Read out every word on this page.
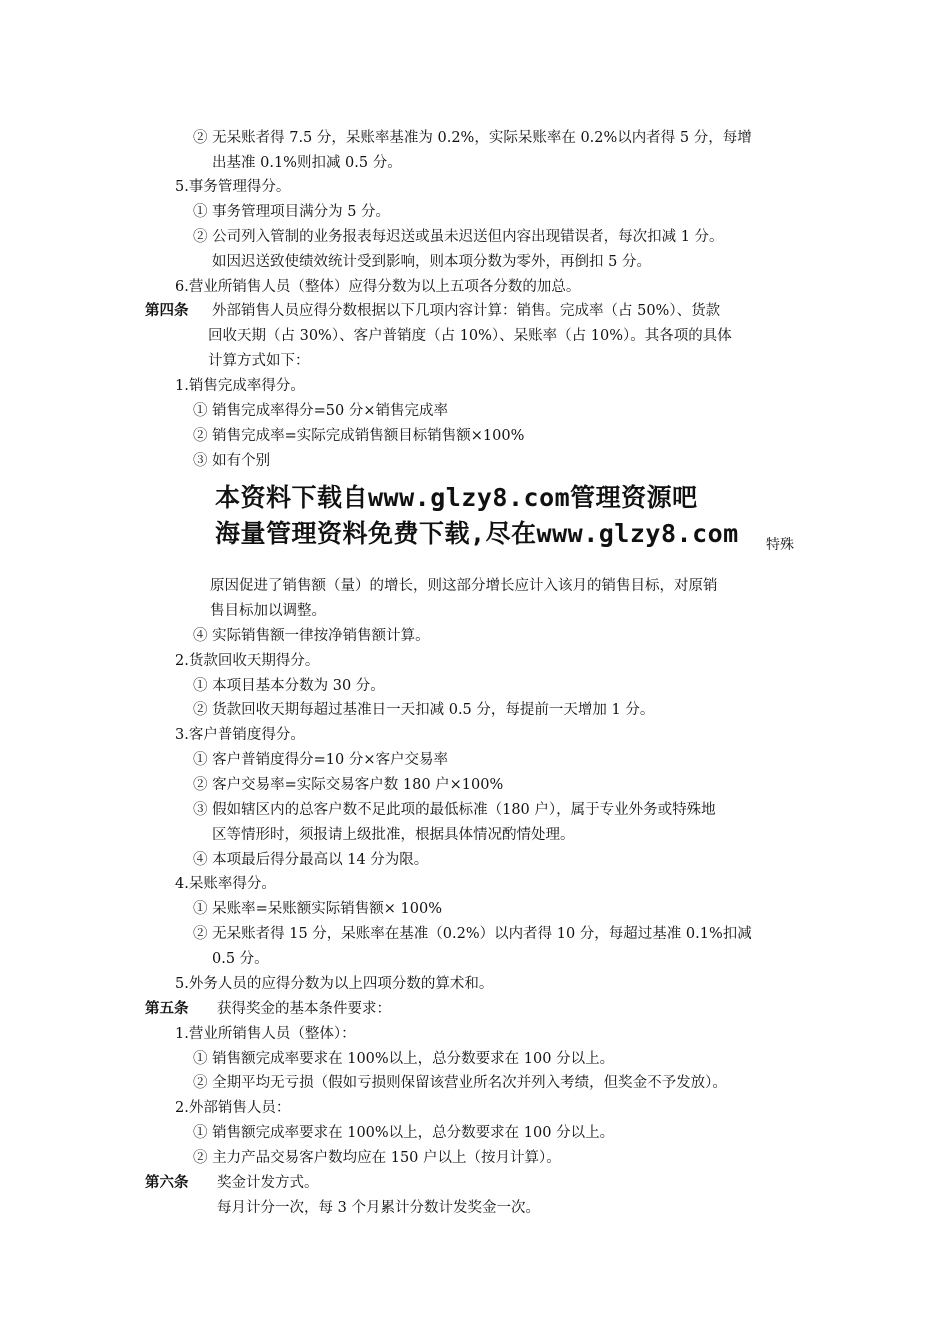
② 无呆账者得 7.5 分，呆账率基准为 0.2%，实际呆账率在 0.2%以内者得 5 分，每增
出基准 0.1%则扣减 0.5 分。
5.事务管理得分。
① 事务管理项目满分为 5 分。
② 公司列入管制的业务报表每迟送或虽未迟送但内容出现错误者，每次扣减 1 分。
如因迟送致使绩效统计受到影响，则本项分数为零外，再倒扣 5 分。
6.营业所销售人员（整体）应得分数为以上五项各分数的加总。
第四条 外部销售人员应得分数根据以下几项内容计算：销售。完成率（占 50%）、货款
回收天期（占 30%）、客户普销度（占 10%）、呆账率（占 10%）。其各项的具体
计算方式如下：
1.销售完成率得分。
① 销售完成率得分=50 分×销售完成率
② 销售完成率=实际完成销售额目标销售额×100%
③ 如有个别
本资料下载自www.glzy8.com管理资源吧
海量管理资料免费下载,尽在www.glzy8.com 特殊
原因促进了销售额（量）的增长，则这部分增长应计入该月的销售目标，对原销
售目标加以调整。
④ 实际销售额一律按净销售额计算。
2.货款回收天期得分。
① 本项目基本分数为 30 分。
② 货款回收天期每超过基准日一天扣减 0.5 分，每提前一天增加 1 分。
3.客户普销度得分。
① 客户普销度得分=10 分×客户交易率
② 客户交易率=实际交易客户数 180 户×100%
③ 假如辖区内的总客户数不足此项的最低标准（180 户），属于专业外务或特殊地
区等情形时，须报请上级批准，根据具体情况酌情处理。
④ 本项最后得分最高以 14 分为限。
4.呆账率得分。
① 呆账率=呆账额实际销售额× 100%
② 无呆账者得 15 分，呆账率在基准（0.2%）以内者得 10 分，每超过基准 0.1%扣减
0.5 分。
5.外务人员的应得分数为以上四项分数的算术和。
第五条 获得奖金的基本条件要求：
1.营业所销售人员（整体）：
① 销售额完成率要求在 100%以上，总分数要求在 100 分以上。
② 全期平均无亏损（假如亏损则保留该营业所名次并列入考绩，但奖金不予发放）。
2.外部销售人员：
① 销售额完成率要求在 100%以上，总分数要求在 100 分以上。
② 主力产品交易客户数均应在 150 户以上（按月计算）。
第六条 奖金计发方式。
每月计分一次，每 3 个月累计分数计发奖金一次。
